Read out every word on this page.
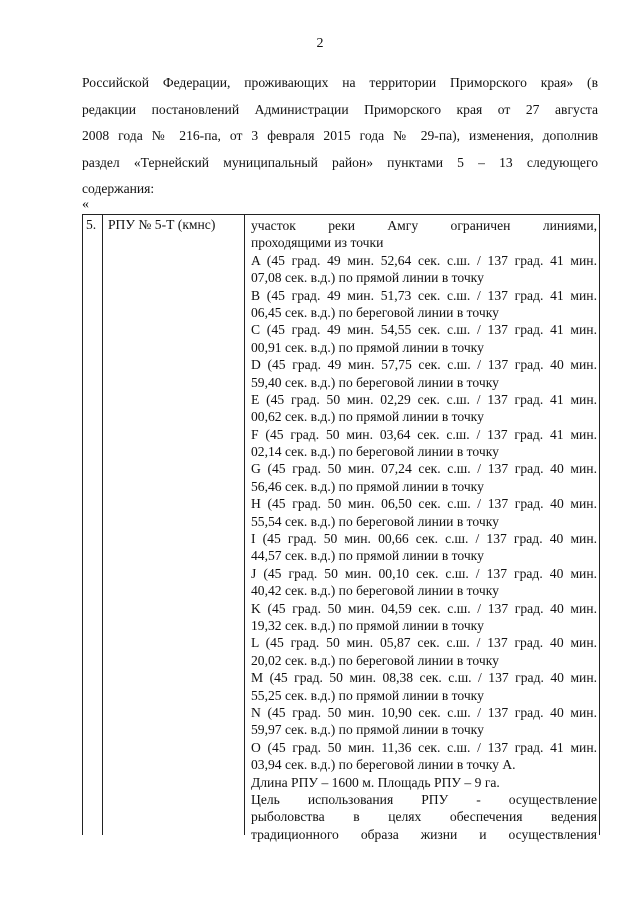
2
Российской Федерации, проживающих на территории Приморского края» (в
редакции постановлений Администрации Приморского края от 27 августа
2008 года № 216-па, от 3 февраля 2015 года № 29-па), изменения, дополнив
раздел «Тернейский муниципальный район» пунктами 5 – 13 следующего
содержания:
«
5. РПУ № 5-Т (кмнс)	участок реки Амгу ограничен линиями,
проходящими из точки
A (45 град. 49 мин. 52,64 сек. с.ш. / 137 град. 41 мин.
07,08 сек. в.д.) по прямой линии в точку
B (45 град. 49 мин. 51,73 сек. с.ш. / 137 град. 41 мин.
06,45 сек. в.д.) по береговой линии в точку
C (45 град. 49 мин. 54,55 сек. с.ш. / 137 град. 41 мин.
00,91 сек. в.д.) по прямой линии в точку
D (45 град. 49 мин. 57,75 сек. с.ш. / 137 град. 40 мин.
59,40 сек. в.д.) по береговой линии в точку
E (45 град. 50 мин. 02,29 сек. с.ш. / 137 град. 41 мин.
00,62 сек. в.д.) по прямой линии в точку
F (45 град. 50 мин. 03,64 сек. с.ш. / 137 град. 41 мин.
02,14 сек. в.д.) по береговой линии в точку
G (45 град. 50 мин. 07,24 сек. с.ш. / 137 град. 40 мин.
56,46 сек. в.д.) по прямой линии в точку
H (45 град. 50 мин. 06,50 сек. с.ш. / 137 град. 40 мин.
55,54 сек. в.д.) по береговой линии в точку
I (45 град. 50 мин. 00,66 сек. с.ш. / 137 град. 40 мин.
44,57 сек. в.д.) по прямой линии в точку
J (45 град. 50 мин. 00,10 сек. с.ш. / 137 град. 40 мин.
40,42 сек. в.д.) по береговой линии в точку
K (45 град. 50 мин. 04,59 сек. с.ш. / 137 град. 40 мин.
19,32 сек. в.д.) по прямой линии в точку
L (45 град. 50 мин. 05,87 сек. с.ш. / 137 град. 40 мин.
20,02 сек. в.д.) по береговой линии в точку
M (45 град. 50 мин. 08,38 сек. с.ш. / 137 град. 40 мин.
55,25 сек. в.д.) по прямой линии в точку
N (45 град. 50 мин. 10,90 сек. с.ш. / 137 град. 40 мин.
59,97 сек. в.д.) по прямой линии в точку
O (45 град. 50 мин. 11,36 сек. с.ш. / 137 град. 41 мин.
03,94 сек. в.д.) по береговой линии в точку А.
Длина РПУ – 1600 м. Площадь РПУ – 9 га.
Цель использования РПУ - осуществление
рыболовства в целях обеспечения ведения
традиционного образа жизни и осуществления
